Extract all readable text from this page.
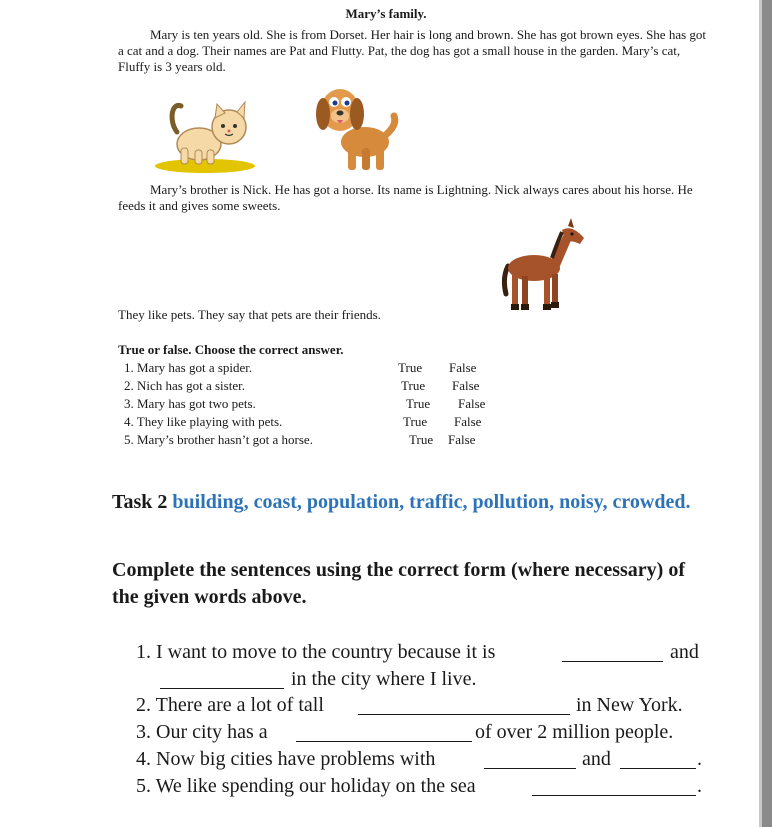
Mary’s family.
Mary is ten years old. She is from Dorset. Her hair is long and brown. She has got brown eyes. She has got a cat and a dog. Their names are Pat and Flutty. Pat, the dog has got a small house in the garden. Mary’s cat, Fluffy is 3 years old.
Mary’s brother is Nick. He has got a horse. Its name is Lightning. Nick always cares about his horse. He feeds it and gives some sweets.
They like pets. They say that pets are their friends.
True or false. Choose the correct answer.
1. Mary has got a spider.	True False
2. Nich has got a sister.	True False
3. Mary has got two pets.	True False
4. They like playing with pets.	True False
5. Mary’s brother hasn’t got a horse.	True False
Task 2 building, coast, population, traffic, pollution, noisy, crowded.
Complete the sentences using the correct form (where necessary) of the given words above.
1. I want to move to the country because it is	and
in the city where I live.
2. There are a lot of tall	in New York.
3. Our city has a	of over 2 million people.
4. Now big cities have problems with	and	.
5. We like spending our holiday on the sea	.
